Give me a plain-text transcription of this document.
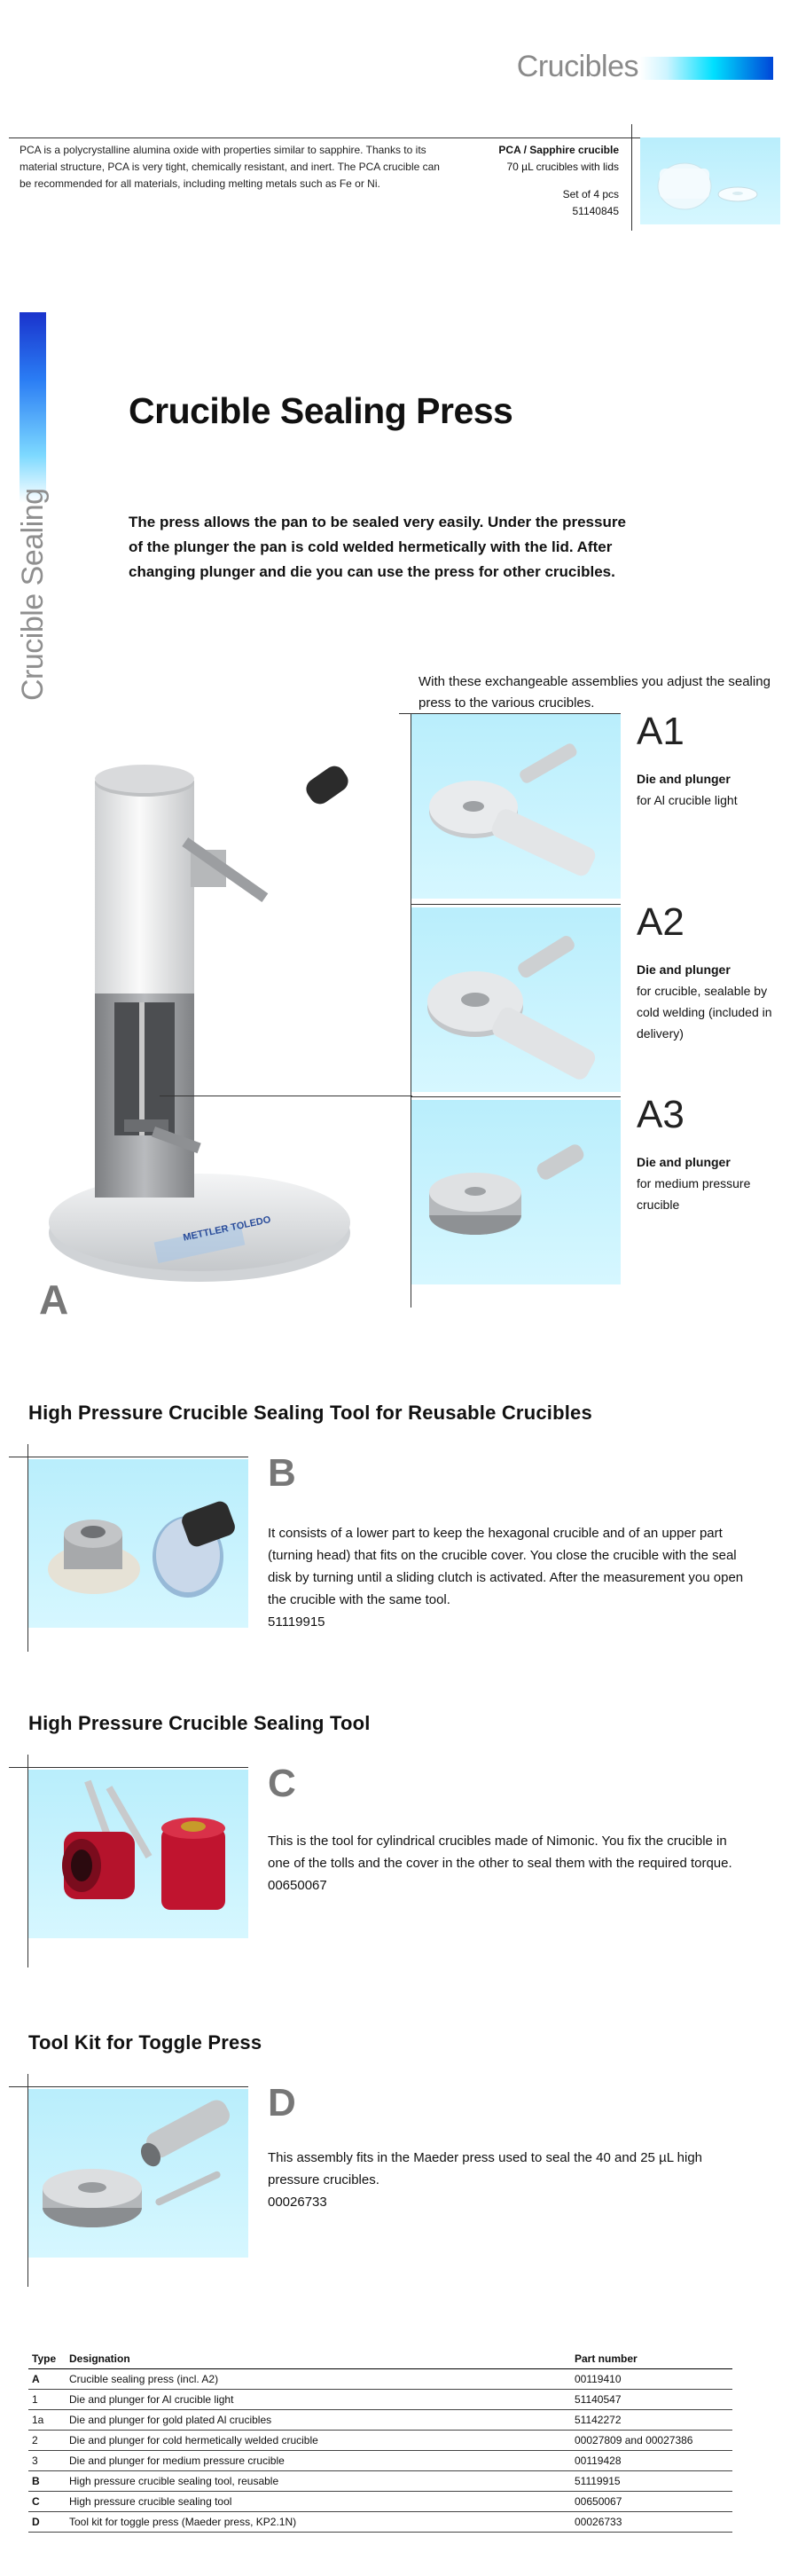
Crucibles
PCA is a polycrystalline alumina oxide with properties similar to sapphire. Thanks to its material structure, PCA is very tight, chemically resistant, and inert. The PCA crucible can be recommended for all materials, including melting metals such as Fe or Ni.
PCA / Sapphire crucible
70 µL crucibles with lids
Set of 4 pcs
51140845
Crucible Sealing
Crucible Sealing Press
The press allows the pan to be sealed very easily. Under the pressure of the plunger the pan is cold welded hermetically with the lid. After changing plunger and die you can use the press for other crucibles.
With these exchangeable assemblies you adjust the sealing press to the various crucibles.
METTLER TOLEDO
A
A1
Die and plunger
for Al crucible light
A2
Die and plunger
for crucible, sealable by cold welding (included in delivery)
A3
Die and plunger
for medium pressure crucible
High Pressure Crucible Sealing Tool for Reusable Crucibles
B
It consists of a lower part to keep the hexagonal crucible and of an upper part (turning head) that fits on the crucible cover. You close the crucible with the seal disk by turning until a sliding clutch is activated. After the measurement you open the crucible with the same tool.
51119915
High Pressure Crucible Sealing Tool
C
This is the tool for cylindrical crucibles made of Nimonic. You fix the crucible in one of the tolls and the cover in the other to seal them with the required torque.
00650067
Tool Kit for Toggle Press
D
This assembly fits in the Maeder press used to seal the 40 and 25 µL high pressure crucibles.
00026733
Type	Designation	Part number
A	Crucible sealing press (incl. A2)	00119410
1	Die and plunger for Al crucible light	51140547
1a	Die and plunger for gold plated Al crucibles	51142272
2	Die and plunger for cold hermetically welded crucible	00027809 and 00027386
3	Die and plunger for medium pressure crucible	00119428
B	High pressure crucible sealing tool, reusable	51119915
C	High pressure crucible sealing tool	00650067
D	Tool kit for toggle press (Maeder press, KP2.1N)	00026733
